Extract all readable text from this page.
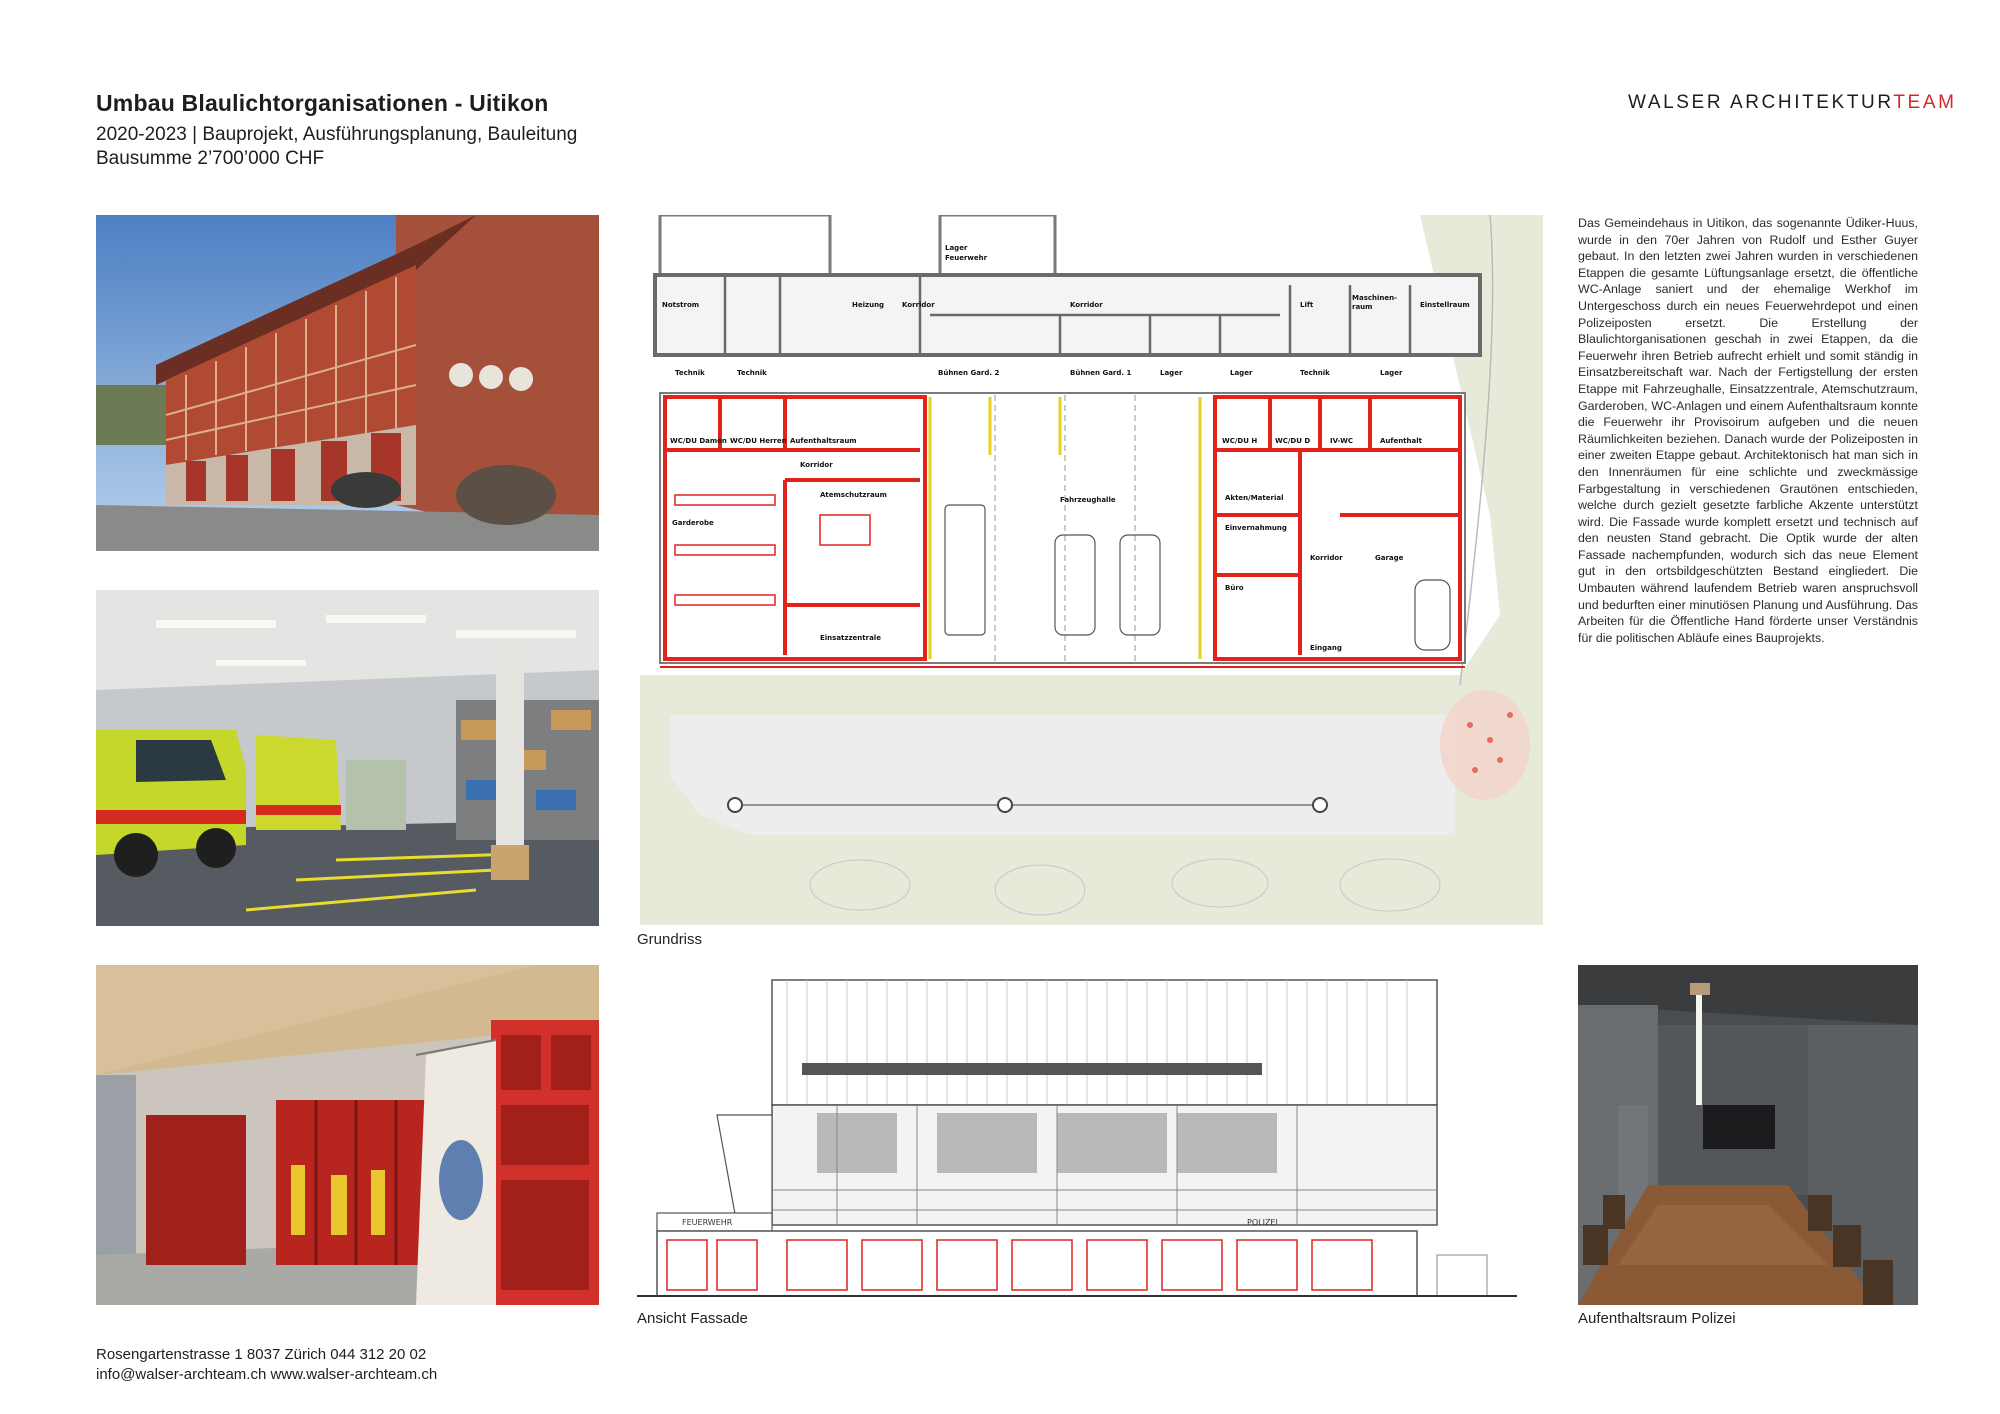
Umbau Blaulichtorganisationen - Uitikon
2020-2023 | Bauprojekt, Ausführungsplanung, Bauleitung
Bausumme 2’700’000 CHF
WALSER ARCHITEKTURTEAM
Notstrom	Heizung	Korridor	Korridor
Lager
Feuerwehr
Lift
Maschinen-
raum	Einstellraum
Technik	Technik	Bühnen Gard. 2	Bühnen Gard. 1	Lager	Lager	Technik	Lager
WC/DU Damen WC/DU Herren Aufenthaltsraum
Korridor
Atemschutzraum
Garderobe
Fahrzeughalle
Einsatzzentrale
WC/DU H	WC/DU D	IV-WC	Aufenthalt
Akten/Material
Einvernahmung
Korridor
Büro
Garage
Eingang
Grundriss
FEUERWEHR	POLIZEI
Ansicht Fassade	Aufenthaltsraum Polizei
Das Gemeindehaus in Uitikon, das sogenannte Üdiker-Huus, wurde in den 70er Jahren von Rudolf und Esther Guyer gebaut. In den letzten zwei Jahren wurden in verschiedenen Etappen die gesamte Lüftungsanlage ersetzt, die öffentliche WC-Anlage saniert und der ehemalige Werkhof im Untergeschoss durch ein neues Feuerwehrdepot und einen Polizeiposten ersetzt. Die Erstellung der Blaulichtorganisationen geschah in zwei Etappen, da die Feuerwehr ihren Betrieb aufrecht erhielt und somit ständig in Einsatzbereitschaft war. Nach der Fertigstellung der ersten Etappe mit Fahrzeughalle, Einsatzzentrale, Atemschutzraum, Garderoben, WC-Anlagen und einem Aufenthaltsraum konnte die Feuerwehr ihr Provisoirum aufgeben und die neuen Räumlichkeiten beziehen. Danach wurde der Polizeiposten in einer zweiten Etappe gebaut. Architektonisch hat man sich in den Innenräumen für eine schlichte und zweckmässige Farbgestaltung in verschiedenen Grautönen entschieden, welche durch gezielt gesetzte farbliche Akzente unterstützt wird. Die Fassade wurde komplett ersetzt und technisch auf den neusten Stand gebracht. Die Optik wurde der alten Fassade nachempfunden, wodurch sich das neue Element gut in den ortsbildgeschützten Bestand eingliedert. Die Umbauten während laufendem Betrieb waren anspruchsvoll und bedurften einer minutiösen Planung und Ausführung. Das Arbeiten für die Öffentliche Hand förderte unser Verständnis für die politischen Abläufe eines Bauprojekts.
Rosengartenstrasse 1 8037 Zürich 044 312 20 02
info@walser-archteam.ch www.walser-archteam.ch
